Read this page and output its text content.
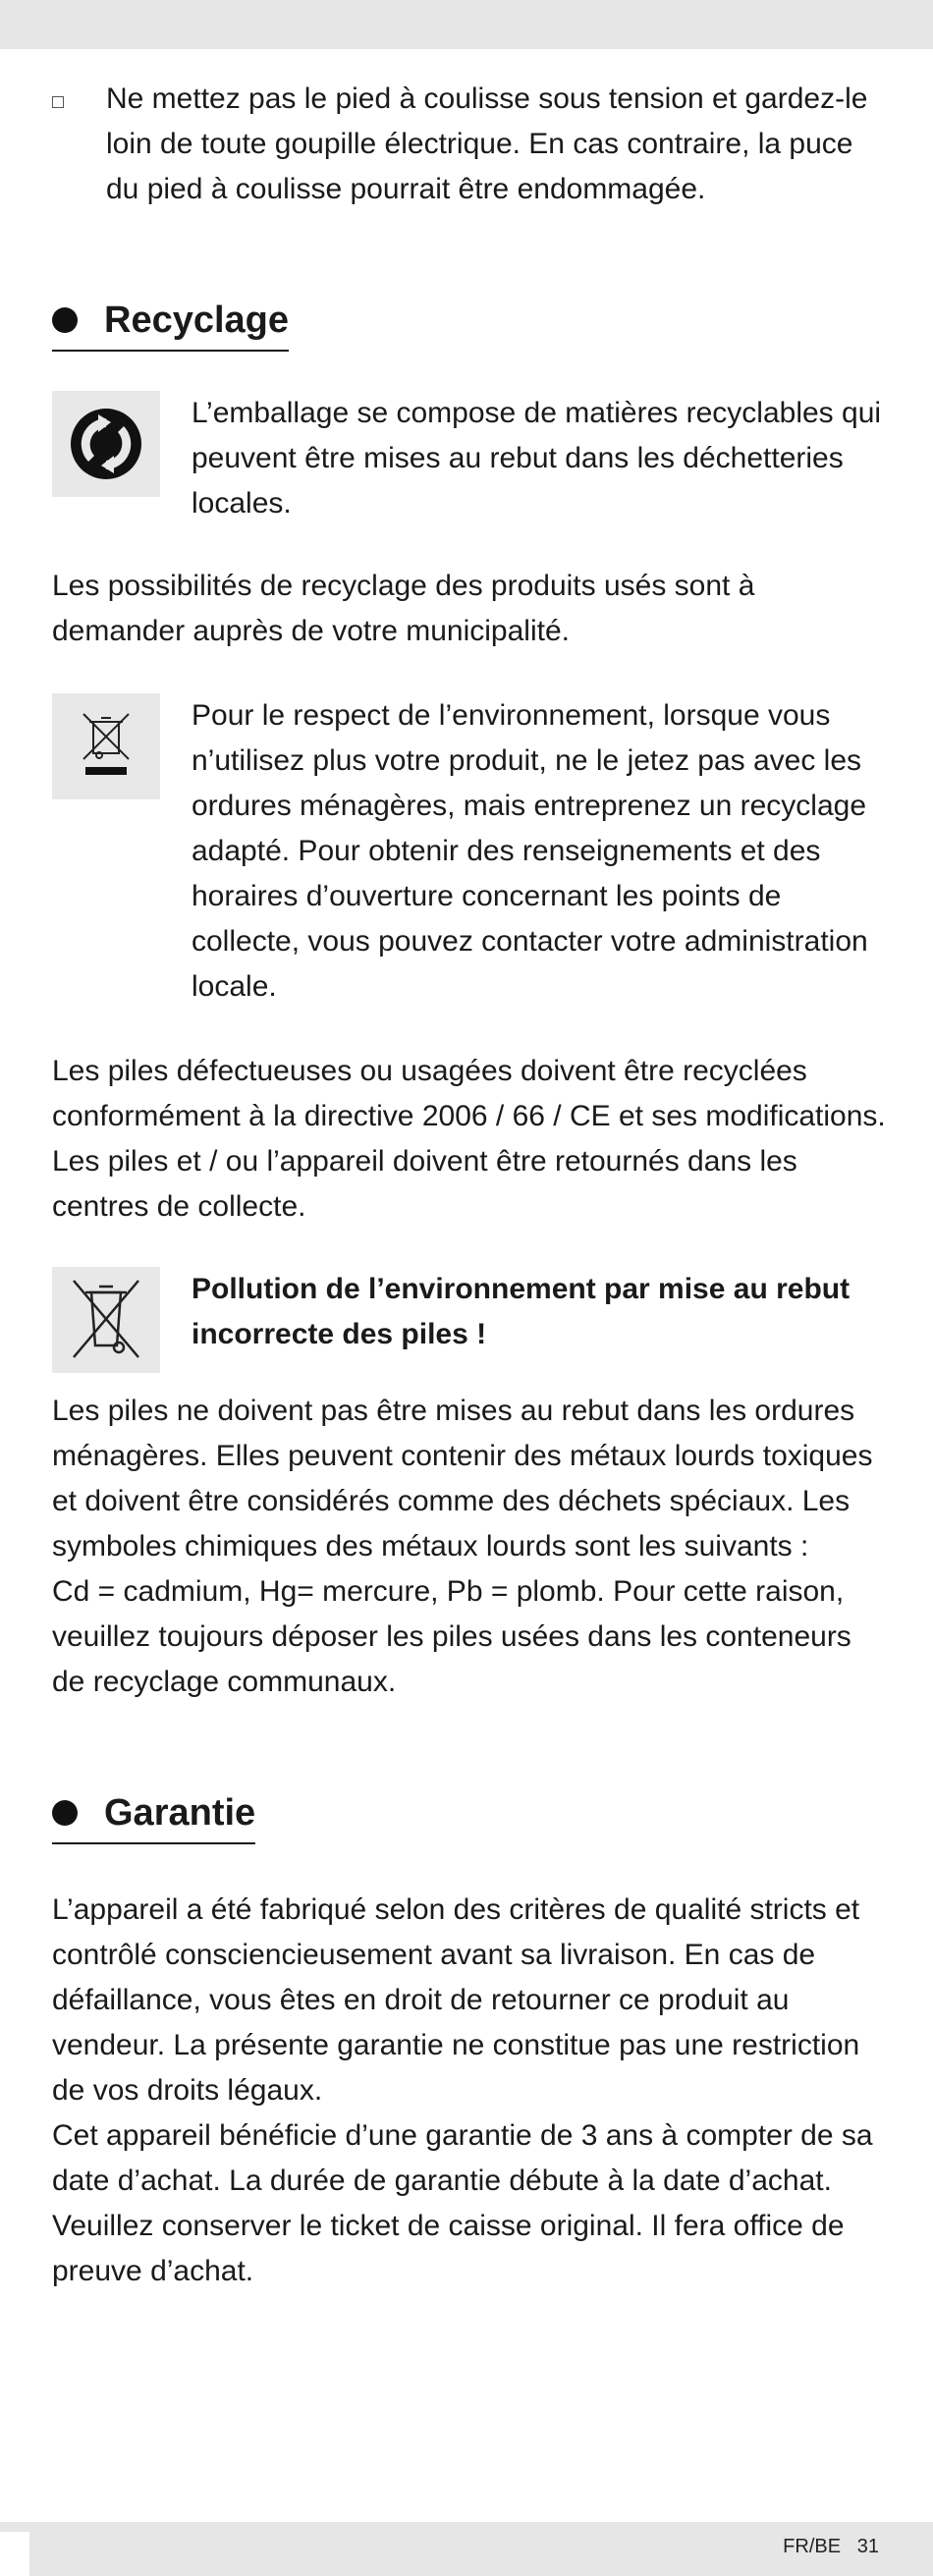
Ne mettez pas le pied à coulisse sous tension et gardez-le loin de toute goupille électrique. En cas contraire, la puce du pied à coulisse pourrait être endommagée.

Recyclage

L’emballage se compose de matières recyclables qui peuvent être mises au rebut dans les déchetteries locales.

Les possibilités de recyclage des produits usés sont à demander auprès de votre municipalité.

Pour le respect de l’environnement, lorsque vous n’utilisez plus votre produit, ne le jetez pas avec les ordures ménagères, mais entreprenez un recyclage adapté. Pour obtenir des renseignements et des horaires d’ouverture concernant les points de collecte, vous pouvez contacter votre administration locale.

Les piles défectueuses ou usagées doivent être recyclées conformément à la directive 2006 / 66 / CE et ses modifications. Les piles et / ou l’appareil doivent être retournés dans les centres de collecte.

Pollution de l’environnement par mise au rebut incorrecte des piles !

Les piles ne doivent pas être mises au rebut dans les ordures ménagères. Elles peuvent contenir des métaux lourds toxiques et doivent être considérés comme des déchets spéciaux. Les symboles chimiques des métaux lourds sont les suivants :

Cd = cadmium, Hg= mercure, Pb = plomb. Pour cette raison, veuillez toujours déposer les piles usées dans les conteneurs de recyclage communaux.

Garantie

L’appareil a été fabriqué selon des critères de qualité stricts et contrôlé consciencieusement avant sa livraison. En cas de défaillance, vous êtes en droit de retourner ce produit au vendeur. La présente garantie ne constitue pas une restriction de vos droits légaux.

Cet appareil bénéficie d’une garantie de 3 ans à compter de sa date d’achat. La durée de garantie débute à la date d’achat. Veuillez conserver le ticket de caisse original. Il fera office de preuve d’achat.

FR/BE 31
